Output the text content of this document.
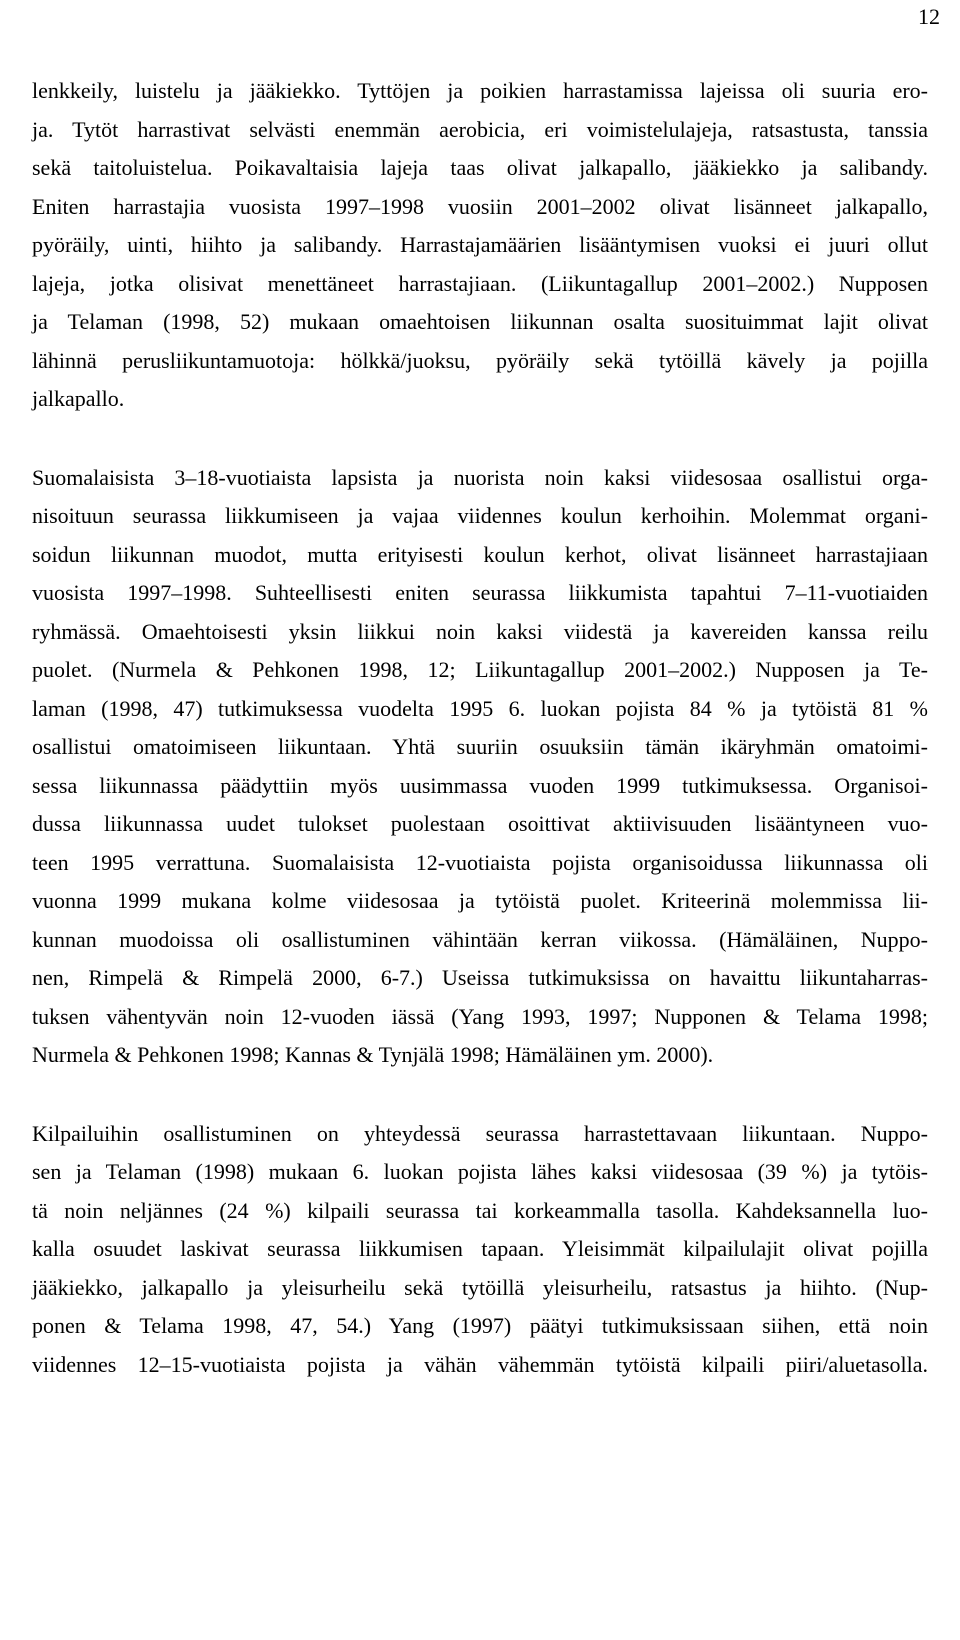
12
lenkkeily, luistelu ja jääkiekko. Tyttöjen ja poikien harrastamissa lajeissa oli suuria ero-
ja. Tytöt harrastivat selvästi enemmän aerobicia, eri voimistelulajeja, ratsastusta, tanssia
sekä taitoluistelua. Poikavaltaisia lajeja taas olivat jalkapallo, jääkiekko ja salibandy.
Eniten harrastajia vuosista 1997–1998 vuosiin 2001–2002 olivat lisänneet jalkapallo,
pyöräily, uinti, hiihto ja salibandy. Harrastajamäärien lisääntymisen vuoksi ei juuri ollut
lajeja, jotka olisivat menettäneet harrastajiaan. (Liikuntagallup 2001–2002.) Nupposen
ja Telaman (1998, 52) mukaan omaehtoisen liikunnan osalta suosituimmat lajit olivat
lähinnä perusliikuntamuotoja: hölkkä/juoksu, pyöräily sekä tytöillä kävely ja pojilla
jalkapallo.
Suomalaisista 3–18-vuotiaista lapsista ja nuorista noin kaksi viidesosaa osallistui orga-
nisoituun seurassa liikkumiseen ja vajaa viidennes koulun kerhoihin. Molemmat organi-
soidun liikunnan muodot, mutta erityisesti koulun kerhot, olivat lisänneet harrastajiaan
vuosista 1997–1998. Suhteellisesti eniten seurassa liikkumista tapahtui 7–11-vuotiaiden
ryhmässä. Omaehtoisesti yksin liikkui noin kaksi viidestä ja kavereiden kanssa reilu
puolet. (Nurmela & Pehkonen 1998, 12; Liikuntagallup 2001–2002.) Nupposen ja Te-
laman (1998, 47) tutkimuksessa vuodelta 1995 6. luokan pojista 84 % ja tytöistä 81 %
osallistui omatoimiseen liikuntaan. Yhtä suuriin osuuksiin tämän ikäryhmän omatoimi-
sessa liikunnassa päädyttiin myös uusimmassa vuoden 1999 tutkimuksessa. Organisoi-
dussa liikunnassa uudet tulokset puolestaan osoittivat aktiivisuuden lisääntyneen vuo-
teen 1995 verrattuna. Suomalaisista 12-vuotiaista pojista organisoidussa liikunnassa oli
vuonna 1999 mukana kolme viidesosaa ja tytöistä puolet. Kriteerinä molemmissa lii-
kunnan muodoissa oli osallistuminen vähintään kerran viikossa. (Hämäläinen, Nuppo-
nen, Rimpelä & Rimpelä 2000, 6-7.) Useissa tutkimuksissa on havaittu liikuntaharras-
tuksen vähentyvän noin 12-vuoden iässä (Yang 1993, 1997; Nupponen & Telama 1998;
Nurmela & Pehkonen 1998; Kannas & Tynjälä 1998; Hämäläinen ym. 2000).
Kilpailuihin osallistuminen on yhteydessä seurassa harrastettavaan liikuntaan. Nuppo-
sen ja Telaman (1998) mukaan 6. luokan pojista lähes kaksi viidesosaa (39 %) ja tytöis-
tä noin neljännes (24 %) kilpaili seurassa tai korkeammalla tasolla. Kahdeksannella luo-
kalla osuudet laskivat seurassa liikkumisen tapaan. Yleisimmät kilpailulajit olivat pojilla
jääkiekko, jalkapallo ja yleisurheilu sekä tytöillä yleisurheilu, ratsastus ja hiihto. (Nup-
ponen & Telama 1998, 47, 54.) Yang (1997) päätyi tutkimuksissaan siihen, että noin
viidennes 12–15-vuotiaista pojista ja vähän vähemmän tytöistä kilpaili piiri/aluetasolla.
